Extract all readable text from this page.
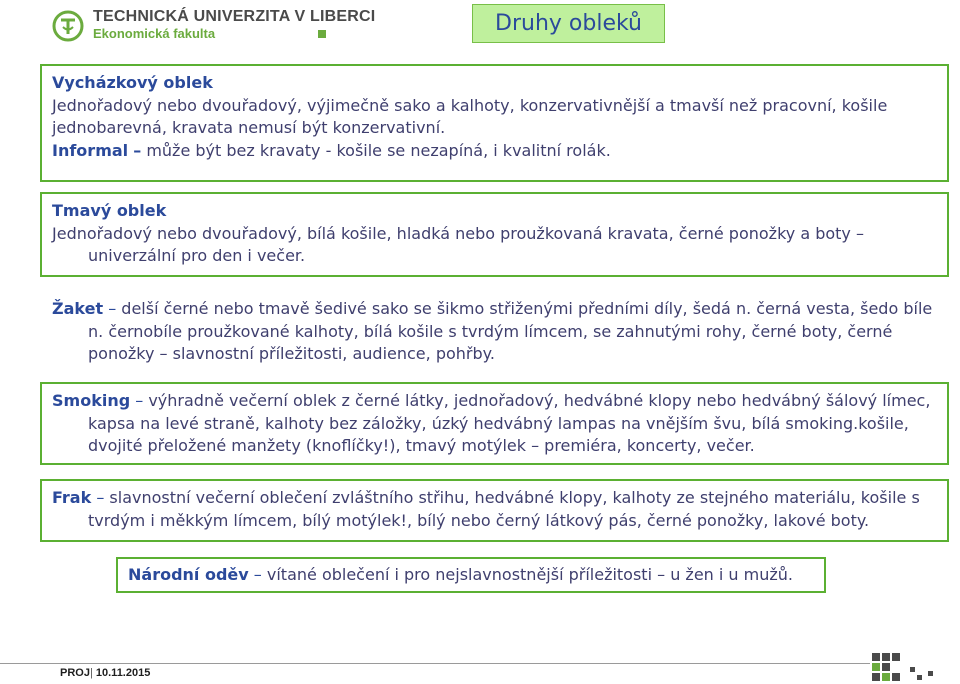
TECHNICKÁ UNIVERZITA V LIBERCI
Ekonomická fakulta	Druhy obleků

Vycházkový oblek

Jednořadový nebo dvouřadový, výjimečně sako a kalhoty, konzervativnější a tmavší než pracovní, košile jednobarevná, kravata nemusí být konzervativní.

Informal – může být bez kravaty - košile se nezapíná, i kvalitní rolák.

Tmavý oblek

Jednořadový nebo dvouřadový, bílá košile, hladká nebo proužkovaná kravata, černé ponožky a boty – univerzální pro den i večer.

Žaket – delší černé nebo tmavě šedivé sako se šikmo střiženými předními díly, šedá n. černá vesta, šedo bíle n. černobíle proužkované kalhoty, bílá košile s tvrdým límcem, se zahnutými rohy, černé boty, černé ponožky – slavnostní příležitosti, audience, pohřby.

Smoking – výhradně večerní oblek z černé látky, jednořadový, hedvábné klopy nebo hedvábný šálový límec, kapsa na levé straně, kalhoty bez záložky, úzký hedvábný lampas na vnějším švu, bílá smoking.košile, dvojité přeložené manžety (knoflíčky!), tmavý motýlek – premiéra, koncerty, večer.

Frak – slavnostní večerní oblečení zvláštního střihu, hedvábné klopy, kalhoty ze stejného materiálu, košile s tvrdým i měkkým límcem, bílý motýlek!, bílý nebo černý látkový pás, černé ponožky, lakové boty.

Národní oděv – vítané oblečení i pro nejslavnostnější příležitosti – u žen i u mužů.

PROJ| 10.11.2015
